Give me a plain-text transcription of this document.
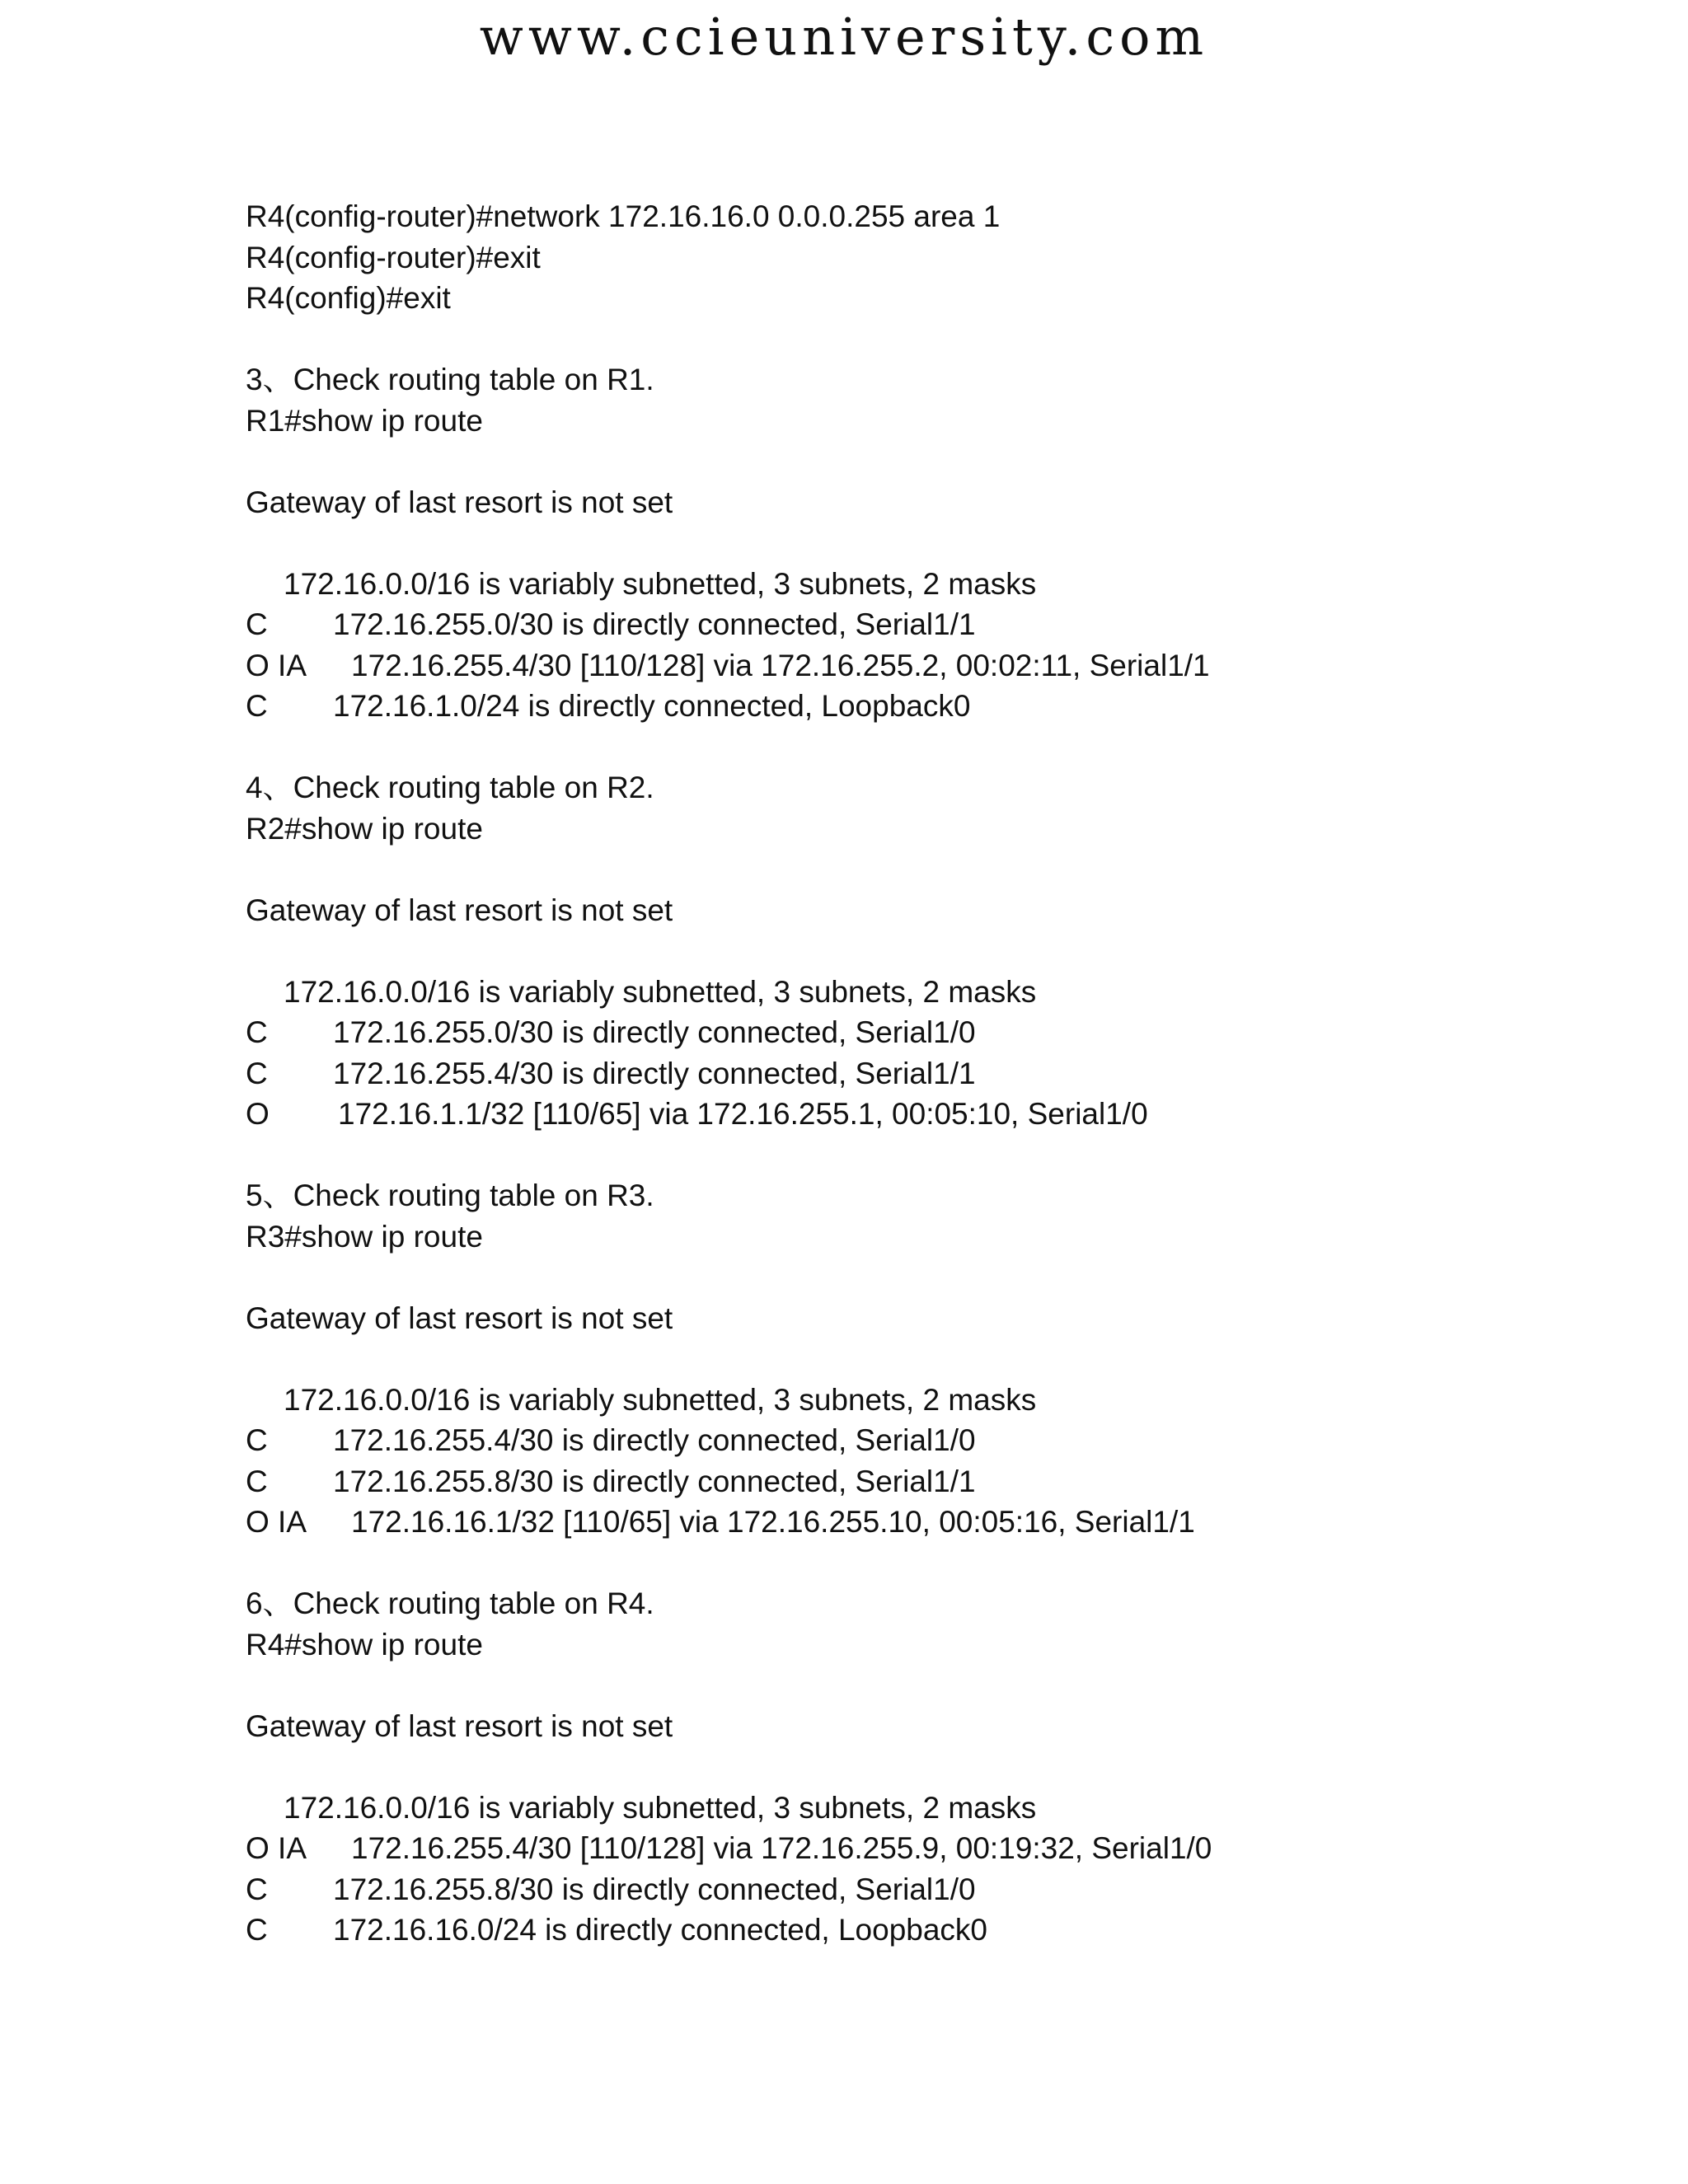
www.ccieuniversity.com
R4(config-router)#network 172.16.16.0 0.0.0.255 area 1
R4(config-router)#exit
R4(config)#exit
3、Check routing table on R1.
R1#show ip route
Gateway of last resort is not set
172.16.0.0/16 is variably subnetted, 3 subnets, 2 masks
C 172.16.255.0/30 is directly connected, Serial1/1
O IA 172.16.255.4/30 [110/128] via 172.16.255.2, 00:02:11, Serial1/1
C 172.16.1.0/24 is directly connected, Loopback0
4、Check routing table on R2.
R2#show ip route
Gateway of last resort is not set
172.16.0.0/16 is variably subnetted, 3 subnets, 2 masks
C 172.16.255.0/30 is directly connected, Serial1/0
C 172.16.255.4/30 is directly connected, Serial1/1
O 172.16.1.1/32 [110/65] via 172.16.255.1, 00:05:10, Serial1/0
5、Check routing table on R3.
R3#show ip route
Gateway of last resort is not set
172.16.0.0/16 is variably subnetted, 3 subnets, 2 masks
C 172.16.255.4/30 is directly connected, Serial1/0
C 172.16.255.8/30 is directly connected, Serial1/1
O IA 172.16.16.1/32 [110/65] via 172.16.255.10, 00:05:16, Serial1/1
6、Check routing table on R4.
R4#show ip route
Gateway of last resort is not set
172.16.0.0/16 is variably subnetted, 3 subnets, 2 masks
O IA 172.16.255.4/30 [110/128] via 172.16.255.9, 00:19:32, Serial1/0
C 172.16.255.8/30 is directly connected, Serial1/0
C 172.16.16.0/24 is directly connected, Loopback0
